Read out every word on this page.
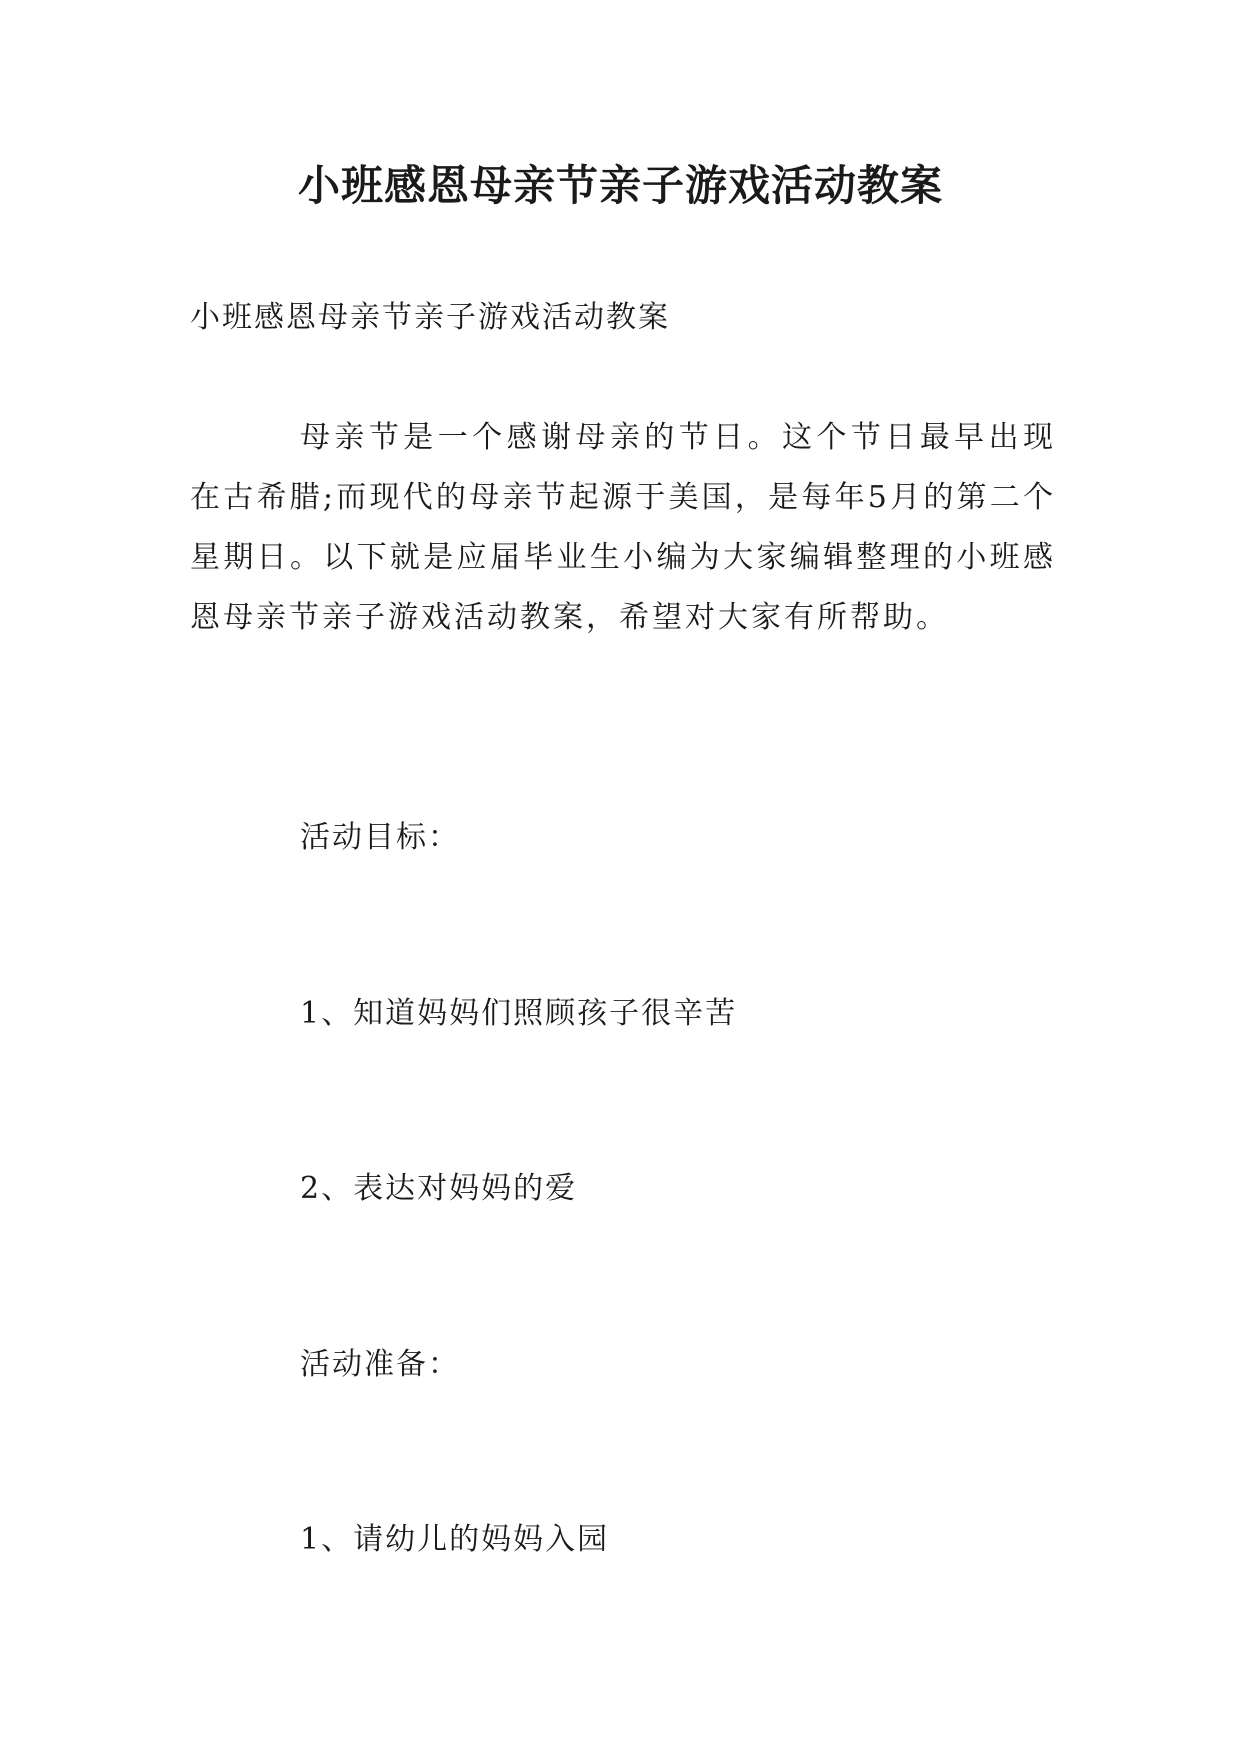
小班感恩母亲节亲子游戏活动教案

小班感恩母亲节亲子游戏活动教案

母亲节是一个感谢母亲的节日。这个节日最早出现在古希腊;而现代的母亲节起源于美国，是每年5月的第二个星期日。以下就是应届毕业生小编为大家编辑整理的小班感恩母亲节亲子游戏活动教案，希望对大家有所帮助。

活动目标：

1、知道妈妈们照顾孩子很辛苦

2、表达对妈妈的爱

活动准备：

1、请幼儿的妈妈入园
